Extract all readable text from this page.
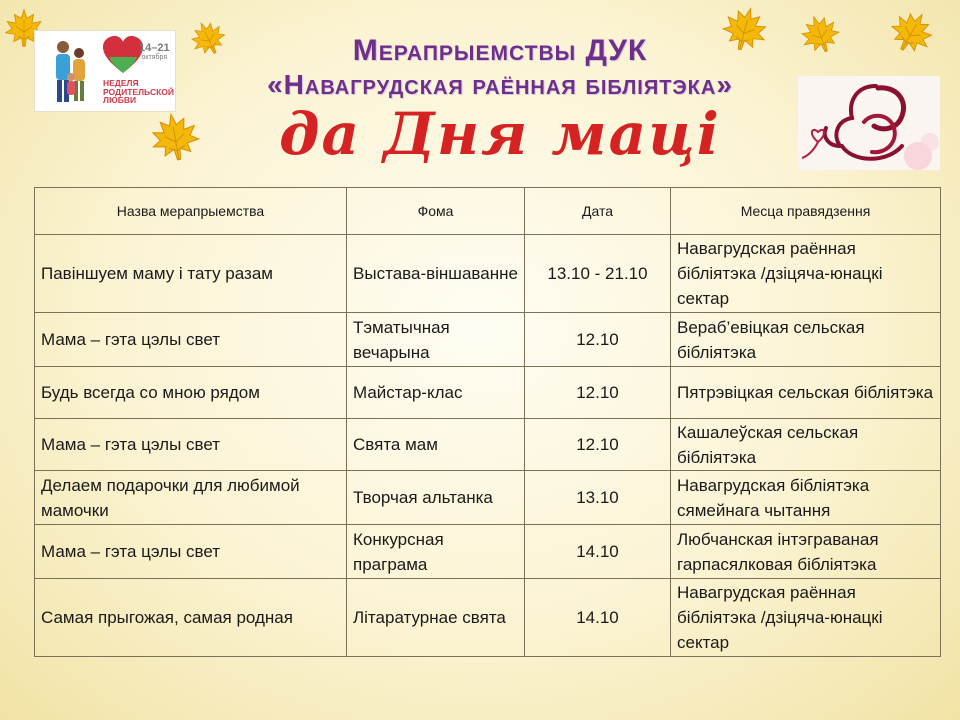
14–21
октября
НЕДЕЛЯ
РОДИТЕЛЬСКОЙ
ЛЮБВИ
Мерапрыемствы ДУК
«Навагрудская раённая бібліятэка»
да Дня маці
Назва мерапрыемства	Фома	Дата	Месца правядзення
Павіншуем маму і тату разам	Выстава-віншаванне	13.10 - 21.10	Навагрудская раённая бібліятэка /дзіцяча-юнацкі сектар
Мама – гэта цэлы свет	Тэматычная вечарына	12.10	Вераб’евіцкая сельская бібліятэка
Будь всегда со мною рядом	Майстар-клас	12.10	Пятрэвіцкая сельская бібліятэка
Мама – гэта цэлы свет	Свята мам	12.10	Кашалеўская сельская бібліятэка
Делаем подарочки для любимой мамочки	Творчая альтанка	13.10	Навагрудская бібліятэка сямейнага чытання
Мама – гэта цэлы свет	Конкурсная праграма	14.10	Любчанская інтэграваная гарпасялковая бібліятэка
Самая прыгожая, самая родная	Літаратурнае свята	14.10	Навагрудская раённая бібліятэка /дзіцяча-юнацкі сектар
